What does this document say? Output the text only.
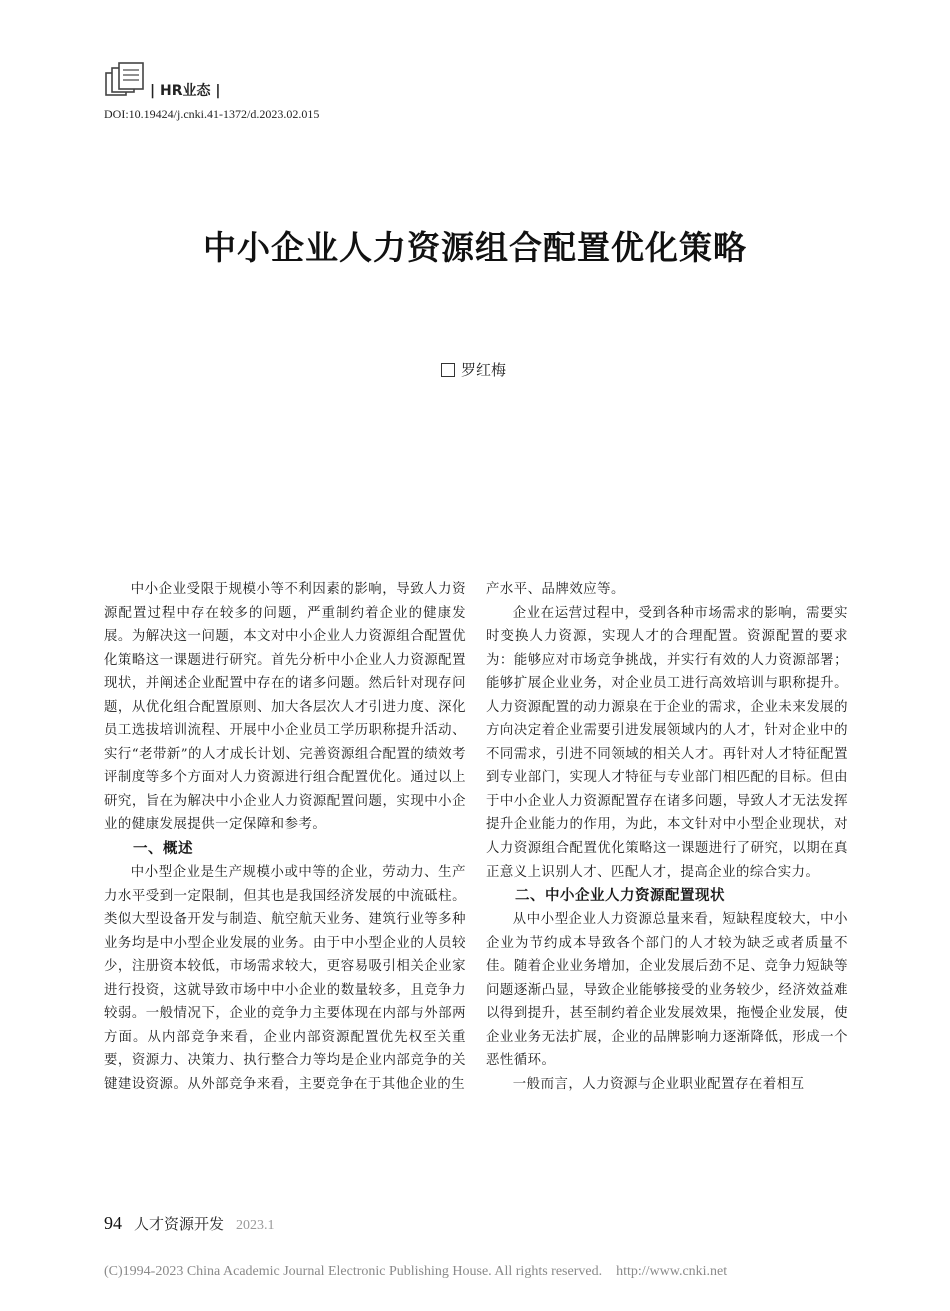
| HR业态 |
DOI:10.19424/j.cnki.41-1372/d.2023.02.015
中小企业人力资源组合配置优化策略
罗红梅

中小企业受限于规模小等不利因素的影响，导致人力资源配置过程中存在较多的问题，严重制约着企业的健康发展。为解决这一问题，本文对中小企业人力资源组合配置优化策略这一课题进行研究。首先分析中小企业人力资源配置现状，并阐述企业配置中存在的诸多问题。然后针对现存问题，从优化组合配置原则、加大各层次人才引进力度、深化员工选拔培训流程、开展中小企业员工学历职称提升活动、实行“老带新”的人才成长计划、完善资源组合配置的绩效考评制度等多个方面对人力资源进行组合配置优化。通过以上研究，旨在为解决中小企业人力资源配置问题，实现中小企业的健康发展提供一定保障和参考。

一、概述

中小型企业是生产规模小或中等的企业，劳动力、生产力水平受到一定限制，但其也是我国经济发展的中流砥柱。类似大型设备开发与制造、航空航天业务、建筑行业等多种业务均是中小型企业发展的业务。由于中小型企业的人员较少，注册资本较低，市场需求较大，更容易吸引相关企业家进行投资，这就导致市场中中小企业的数量较多，且竞争力较弱。一般情况下，企业的竞争力主要体现在内部与外部两方面。从内部竞争来看，企业内部资源配置优先权至关重要，资源力、决策力、执行整合力等均是企业内部竞争的关键建设资源。从外部竞争来看，主要竞争在于其他企业的生

产水平、品牌效应等。

企业在运营过程中，受到各种市场需求的影响，需要实时变换人力资源，实现人才的合理配置。资源配置的要求为：能够应对市场竞争挑战，并实行有效的人力资源部署；能够扩展企业业务，对企业员工进行高效培训与职称提升。人力资源配置的动力源泉在于企业的需求，企业未来发展的方向决定着企业需要引进发展领域内的人才，针对企业中的不同需求，引进不同领域的相关人才。再针对人才特征配置到专业部门，实现人才特征与专业部门相匹配的目标。但由于中小企业人力资源配置存在诸多问题，导致人才无法发挥提升企业能力的作用，为此，本文针对中小型企业现状，对人力资源组合配置优化策略这一课题进行了研究，以期在真正意义上识别人才、匹配人才，提高企业的综合实力。

二、中小企业人力资源配置现状

从中小型企业人力资源总量来看，短缺程度较大，中小企业为节约成本导致各个部门的人才较为缺乏或者质量不佳。随着企业业务增加，企业发展后劲不足、竞争力短缺等问题逐渐凸显，导致企业能够接受的业务较少，经济效益难以得到提升，甚至制约着企业发展效果，拖慢企业发展，使企业业务无法扩展，企业的品牌影响力逐渐降低，形成一个恶性循环。

一般而言，人力资源与企业职业配置存在着相互

94 人才资源开发 2023.1
(C)1994-2023 China Academic Journal Electronic Publishing House. All rights reserved. http://www.cnki.net
